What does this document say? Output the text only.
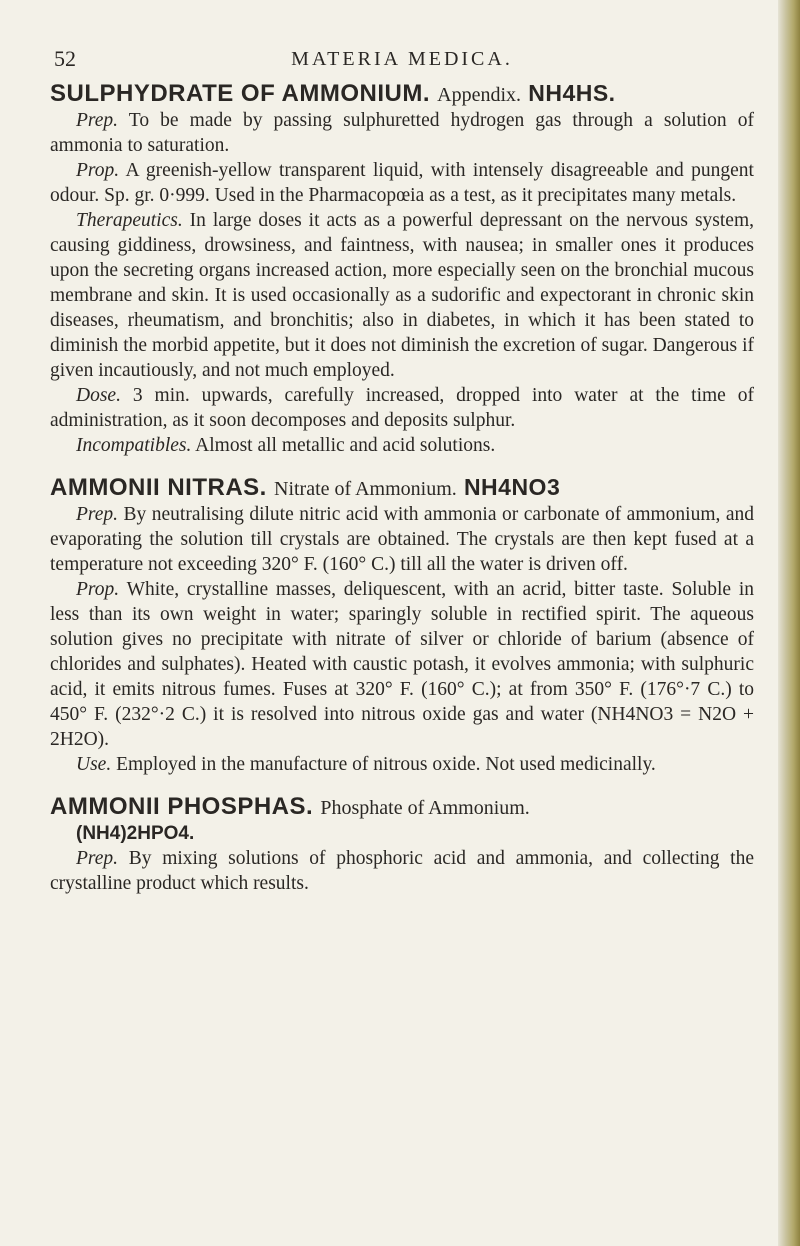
52	MATERIA MEDICA.
SULPHYDRATE OF AMMONIUM. Appendix. NH4HS.

Prep. To be made by passing sulphuretted hydrogen gas through a solution of ammonia to saturation.

Prop. A greenish-yellow transparent liquid, with intensely disagreeable and pungent odour. Sp. gr. 0·999. Used in the Pharmacopœia as a test, as it precipitates many metals.

Therapeutics. In large doses it acts as a powerful depressant on the nervous system, causing giddiness, drowsiness, and faintness, with nausea; in smaller ones it produces upon the secreting organs increased action, more especially seen on the bronchial mucous membrane and skin. It is used occasionally as a sudorific and expectorant in chronic skin diseases, rheumatism, and bronchitis; also in diabetes, in which it has been stated to diminish the morbid appetite, but it does not diminish the excretion of sugar. Dangerous if given incautiously, and not much employed.

Dose. 3 min. upwards, carefully increased, dropped into water at the time of administration, as it soon decomposes and deposits sulphur.

Incompatibles. Almost all metallic and acid solutions.

AMMONII NITRAS. Nitrate of Ammonium. NH4NO3

Prep. By neutralising dilute nitric acid with ammonia or carbonate of ammonium, and evaporating the solution till crystals are obtained. The crystals are then kept fused at a temperature not exceeding 320° F. (160° C.) till all the water is driven off.

Prop. White, crystalline masses, deliquescent, with an acrid, bitter taste. Soluble in less than its own weight in water; sparingly soluble in rectified spirit. The aqueous solution gives no precipitate with nitrate of silver or chloride of barium (absence of chlorides and sulphates). Heated with caustic potash, it evolves ammonia; with sulphuric acid, it emits nitrous fumes. Fuses at 320° F. (160° C.); at from 350° F. (176°·7 C.) to 450° F. (232°·2 C.) it is resolved into nitrous oxide gas and water (NH4NO3 = N2O + 2H2O).

Use. Employed in the manufacture of nitrous oxide. Not used medicinally.

AMMONII PHOSPHAS. Phosphate of Ammonium.

(NH4)2HPO4.

Prep. By mixing solutions of phosphoric acid and ammonia, and collecting the crystalline product which results.
